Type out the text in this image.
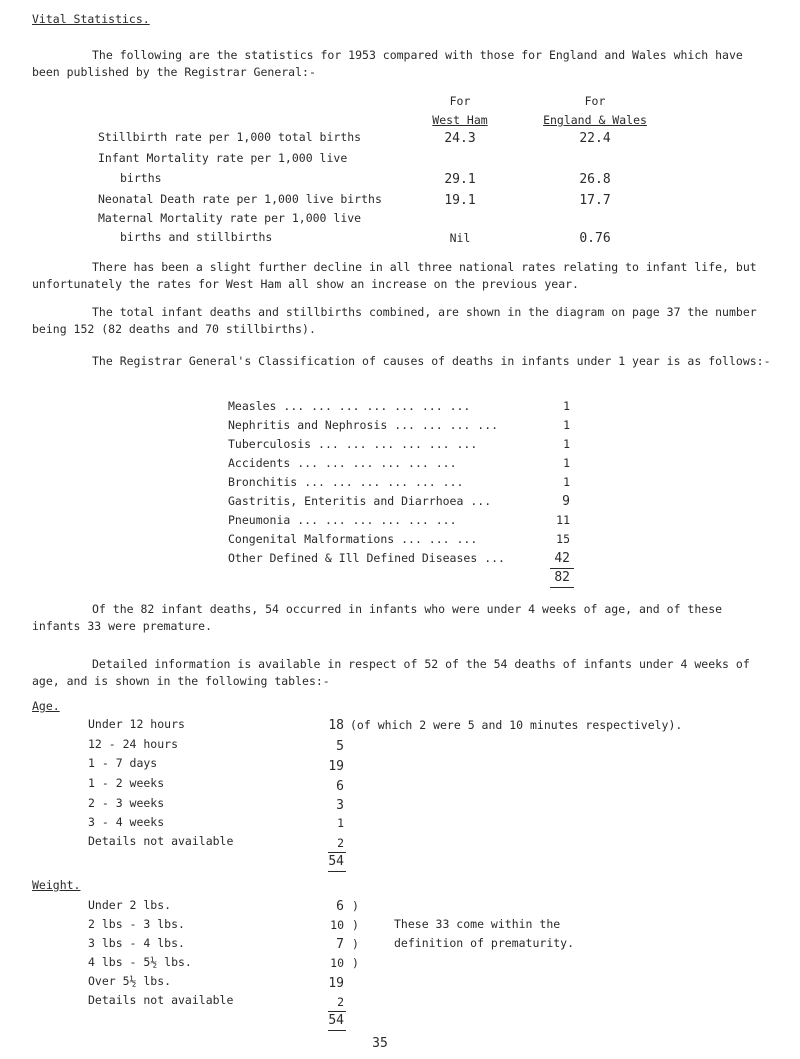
Vital Statistics.
The following are the statistics for 1953 compared with those for England and Wales which have been published by the Registrar General:-
For
West Ham
For
England & Wales
Stillbirth rate per 1,000 total births	24.3	22.4
Infant Mortality rate per 1,000 live
births	29.1	26.8
Neonatal Death rate per 1,000 live births	19.1	17.7
Maternal Mortality rate per 1,000 live
births and stillbirths	Nil	0.76
There has been a slight further decline in all three national rates relating to infant life, but unfortunately the rates for West Ham all show an increase on the previous year.
The total infant deaths and stillbirths combined, are shown in the diagram on page 37 the number being 152 (82 deaths and 70 stillbirths).
The Registrar General's Classification of causes of deaths in infants under 1 year is as follows:-
Measles ... ... ... ... ... ... ...	1
Nephritis and Nephrosis ... ... ... ...	1
Tuberculosis ... ... ... ... ... ...	1
Accidents ... ... ... ... ... ...	1
Bronchitis ... ... ... ... ... ...	1
Gastritis, Enteritis and Diarrhoea ...	9
Pneumonia ... ... ... ... ... ...	11
Congenital Malformations ... ... ...	15
Other Defined & Ill Defined Diseases ...	42
82
Of the 82 infant deaths, 54 occurred in infants who were under 4 weeks of age, and of these infants 33 were premature.
Detailed information is available in respect of 52 of the 54 deaths of infants under 4 weeks of age, and is shown in the following tables:-
Age.
Under 12 hours	18 (of which 2 were 5 and 10 minutes respectively).
12 - 24 hours	5
1 - 7 days	19
1 - 2 weeks	6
2 - 3 weeks	3
3 - 4 weeks	1
Details not available	2
54
Weight.
Under 2 lbs.	6 )
2 lbs - 3 lbs.	10 )
3 lbs - 4 lbs.	7 )
4 lbs - 5½ lbs.	10 )
Over 5½ lbs.	19
Details not available	2
These 33 come within the
definition of prematurity.
54
35
